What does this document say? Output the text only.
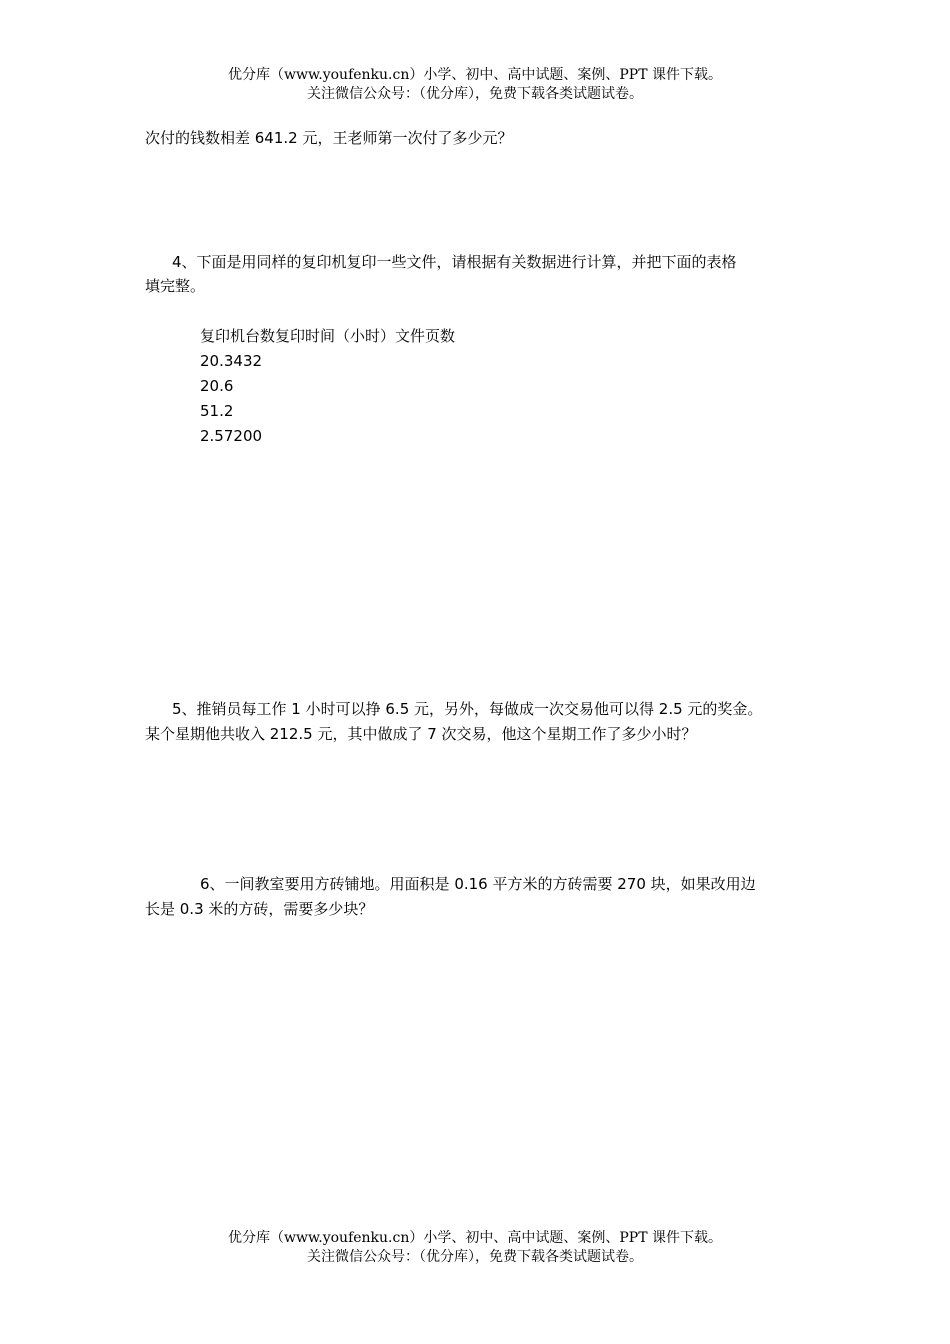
优分库（www.youfenku.cn）小学、初中、高中试题、案例、PPT 课件下载。
关注微信公众号：（优分库），免费下载各类试题试卷。
次付的钱数相差 641.2 元，王老师第一次付了多少元？
4、下面是用同样的复印机复印一些文件，请根据有关数据进行计算，并把下面的表格
填完整。
复印机台数复印时间（小时）文件页数
20.3432
20.6
51.2
2.57200
5、推销员每工作 1 小时可以挣 6.5 元，另外，每做成一次交易他可以得 2.5 元的奖金。
某个星期他共收入 212.5 元，其中做成了 7 次交易，他这个星期工作了多少小时？
6、一间教室要用方砖铺地。用面积是 0.16 平方米的方砖需要 270 块，如果改用边
长是 0.3 米的方砖，需要多少块？
优分库（www.youfenku.cn）小学、初中、高中试题、案例、PPT 课件下载。
关注微信公众号：（优分库），免费下载各类试题试卷。
